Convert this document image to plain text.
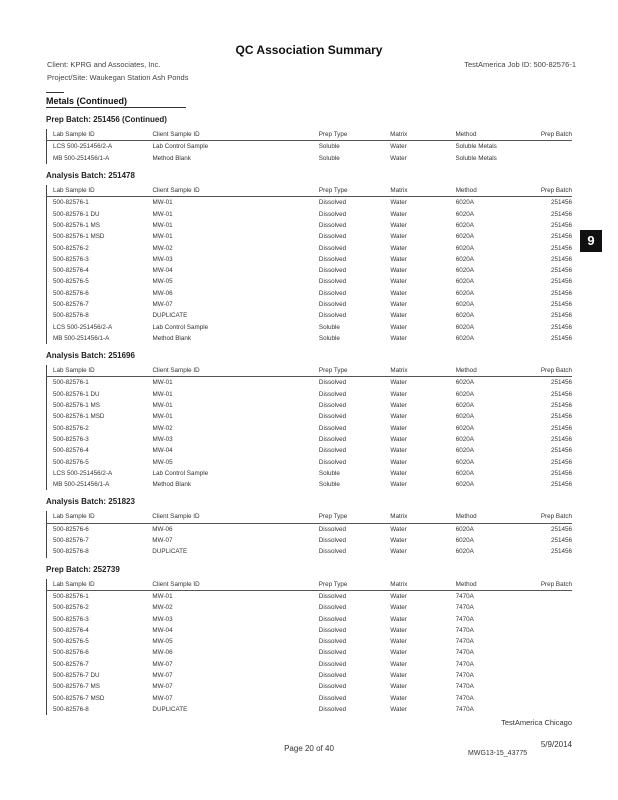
QC Association Summary
Client: KPRG and Associates, Inc.
Project/Site: Waukegan Station Ash Ponds
TestAmerica Job ID: 500-82576-1
9
Metals (Continued)
Prep Batch: 251456 (Continued)
Lab Sample ID	Client Sample ID	Prep Type	Matrix	Method	Prep Batch
LCS 500-251456/2-A	Lab Control Sample	Soluble	Water	Soluble Metals	
MB 500-251456/1-A	Method Blank	Soluble	Water	Soluble Metals	
Analysis Batch: 251478
Lab Sample ID	Client Sample ID	Prep Type	Matrix	Method	Prep Batch
500-82576-1	MW-01	Dissolved	Water	6020A	251456
500-82576-1 DU	MW-01	Dissolved	Water	6020A	251456
500-82576-1 MS	MW-01	Dissolved	Water	6020A	251456
500-82576-1 MSD	MW-01	Dissolved	Water	6020A	251456
500-82576-2	MW-02	Dissolved	Water	6020A	251456
500-82576-3	MW-03	Dissolved	Water	6020A	251456
500-82576-4	MW-04	Dissolved	Water	6020A	251456
500-82576-5	MW-05	Dissolved	Water	6020A	251456
500-82576-6	MW-06	Dissolved	Water	6020A	251456
500-82576-7	MW-07	Dissolved	Water	6020A	251456
500-82576-8	DUPLICATE	Dissolved	Water	6020A	251456
LCS 500-251456/2-A	Lab Control Sample	Soluble	Water	6020A	251456
MB 500-251456/1-A	Method Blank	Soluble	Water	6020A	251456
Analysis Batch: 251696
Lab Sample ID	Client Sample ID	Prep Type	Matrix	Method	Prep Batch
500-82576-1	MW-01	Dissolved	Water	6020A	251456
500-82576-1 DU	MW-01	Dissolved	Water	6020A	251456
500-82576-1 MS	MW-01	Dissolved	Water	6020A	251456
500-82576-1 MSD	MW-01	Dissolved	Water	6020A	251456
500-82576-2	MW-02	Dissolved	Water	6020A	251456
500-82576-3	MW-03	Dissolved	Water	6020A	251456
500-82576-4	MW-04	Dissolved	Water	6020A	251456
500-82576-5	MW-05	Dissolved	Water	6020A	251456
LCS 500-251456/2-A	Lab Control Sample	Soluble	Water	6020A	251456
MB 500-251456/1-A	Method Blank	Soluble	Water	6020A	251456
Analysis Batch: 251823
Lab Sample ID	Client Sample ID	Prep Type	Matrix	Method	Prep Batch
500-82576-6	MW-06	Dissolved	Water	6020A	251456
500-82576-7	MW-07	Dissolved	Water	6020A	251456
500-82576-8	DUPLICATE	Dissolved	Water	6020A	251456
Prep Batch: 252739
Lab Sample ID	Client Sample ID	Prep Type	Matrix	Method	Prep Batch
500-82576-1	MW-01	Dissolved	Water	7470A	
500-82576-2	MW-02	Dissolved	Water	7470A	
500-82576-3	MW-03	Dissolved	Water	7470A	
500-82576-4	MW-04	Dissolved	Water	7470A	
500-82576-5	MW-05	Dissolved	Water	7470A	
500-82576-6	MW-06	Dissolved	Water	7470A	
500-82576-7	MW-07	Dissolved	Water	7470A	
500-82576-7 DU	MW-07	Dissolved	Water	7470A	
500-82576-7 MS	MW-07	Dissolved	Water	7470A	
500-82576-7 MSD	MW-07	Dissolved	Water	7470A	
500-82576-8	DUPLICATE	Dissolved	Water	7470A	
TestAmerica Chicago
Page 20 of 40	5/9/2014
MWG13-15_43775
